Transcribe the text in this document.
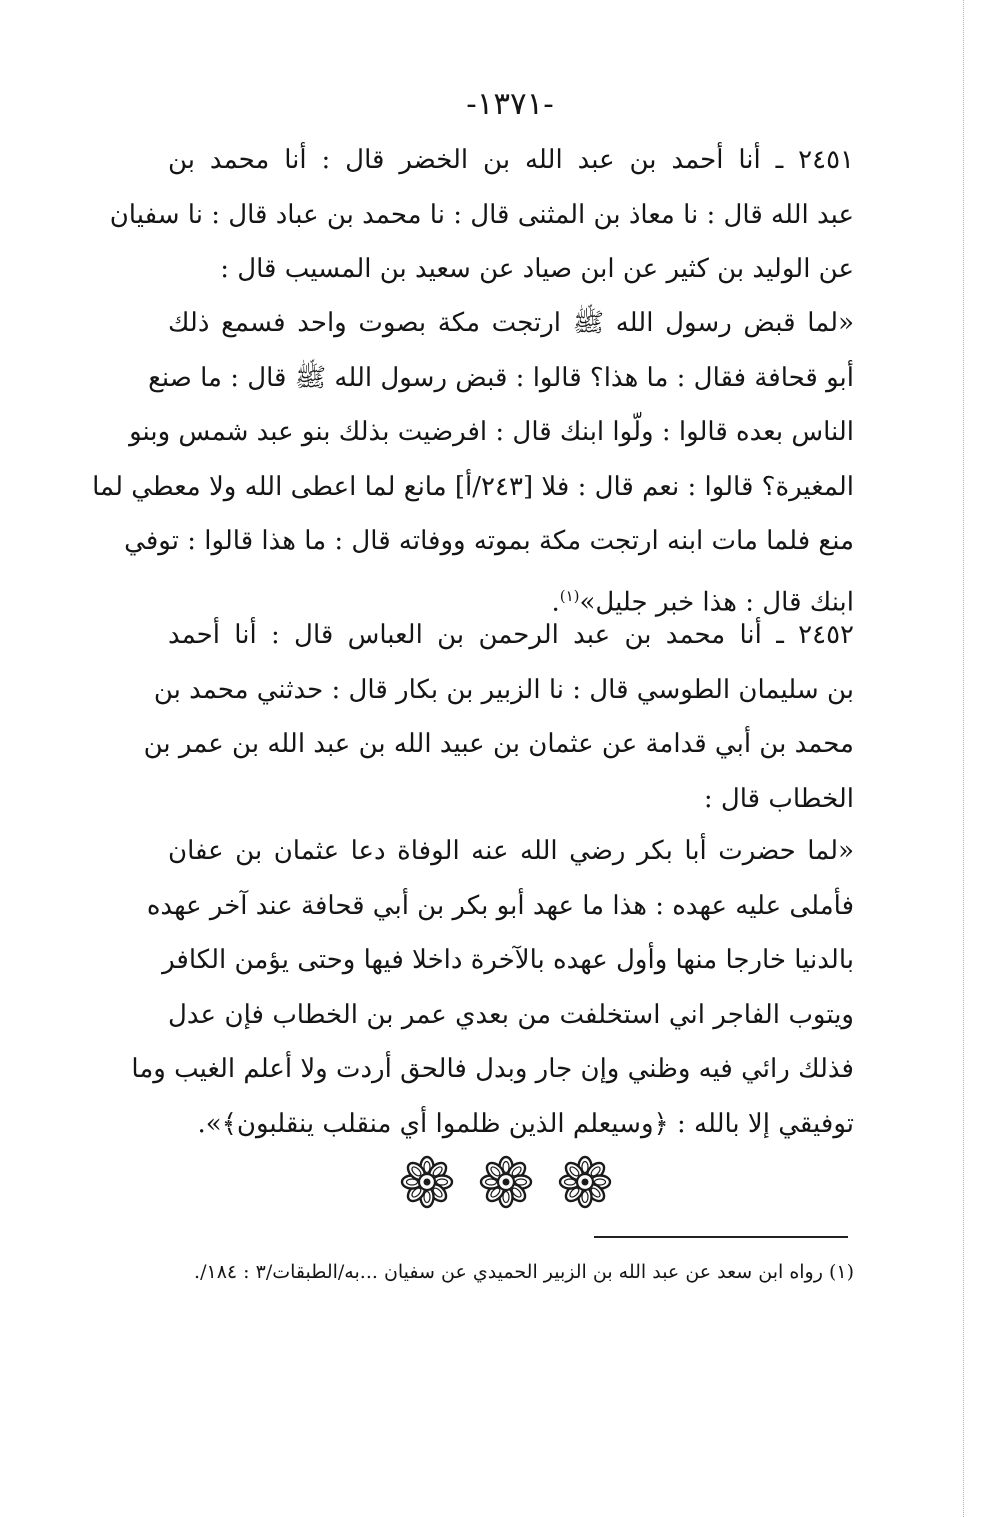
-١٣٧١-
٢٤٥١ ـ أنا أحمد بن عبد الله بن الخضر قال : أنا محمد بن
عبد الله قال : نا معاذ بن المثنى قال : نا محمد بن عباد قال : نا سفيان
عن الوليد بن كثير عن ابن صياد عن سعيد بن المسيب قال :
«لما قبض رسول الله ﷺ ارتجت مكة بصوت واحد فسمع ذلك
أبو قحافة فقال : ما هذا؟ قالوا : قبض رسول الله ﷺ قال : ما صنع
الناس بعده قالوا : ولّوا ابنك قال : افرضيت بذلك بنو عبد شمس وبنو
المغيرة؟ قالوا : نعم قال : فلا [٢٤٣/أ] مانع لما اعطى الله ولا معطي لما
منع فلما مات ابنه ارتجت مكة بموته ووفاته قال : ما هذا قالوا : توفي
ابنك قال : هذا خبر جليل»$^{(١)}$.
٢٤٥٢ ـ أنا محمد بن عبد الرحمن بن العباس قال : أنا أحمد
بن سليمان الطوسي قال : نا الزبير بن بكار قال : حدثني محمد بن
محمد بن أبي قدامة عن عثمان بن عبيد الله بن عبد الله بن عمر بن
الخطاب قال :
«لما حضرت أبا بكر رضي الله عنه الوفاة دعا عثمان بن عفان
فأملى عليه عهده : هذا ما عهد أبو بكر بن أبي قحافة عند آخر عهده
بالدنيا خارجا منها وأول عهده بالآخرة داخلا فيها وحتى يؤمن الكافر
ويتوب الفاجر اني استخلفت من بعدي عمر بن الخطاب فإن عدل
فذلك رائي فيه وظني وإن جار وبدل فالحق أردت ولا أعلم الغيب وما
توفيقي إلا بالله : ﴿وسيعلم الذين ظلموا أي منقلب ينقلبون﴾».
(١) رواه ابن سعد عن عبد الله بن الزبير الحميدي عن سفيان ...به/الطبقات/٣ : ١٨٤/.
